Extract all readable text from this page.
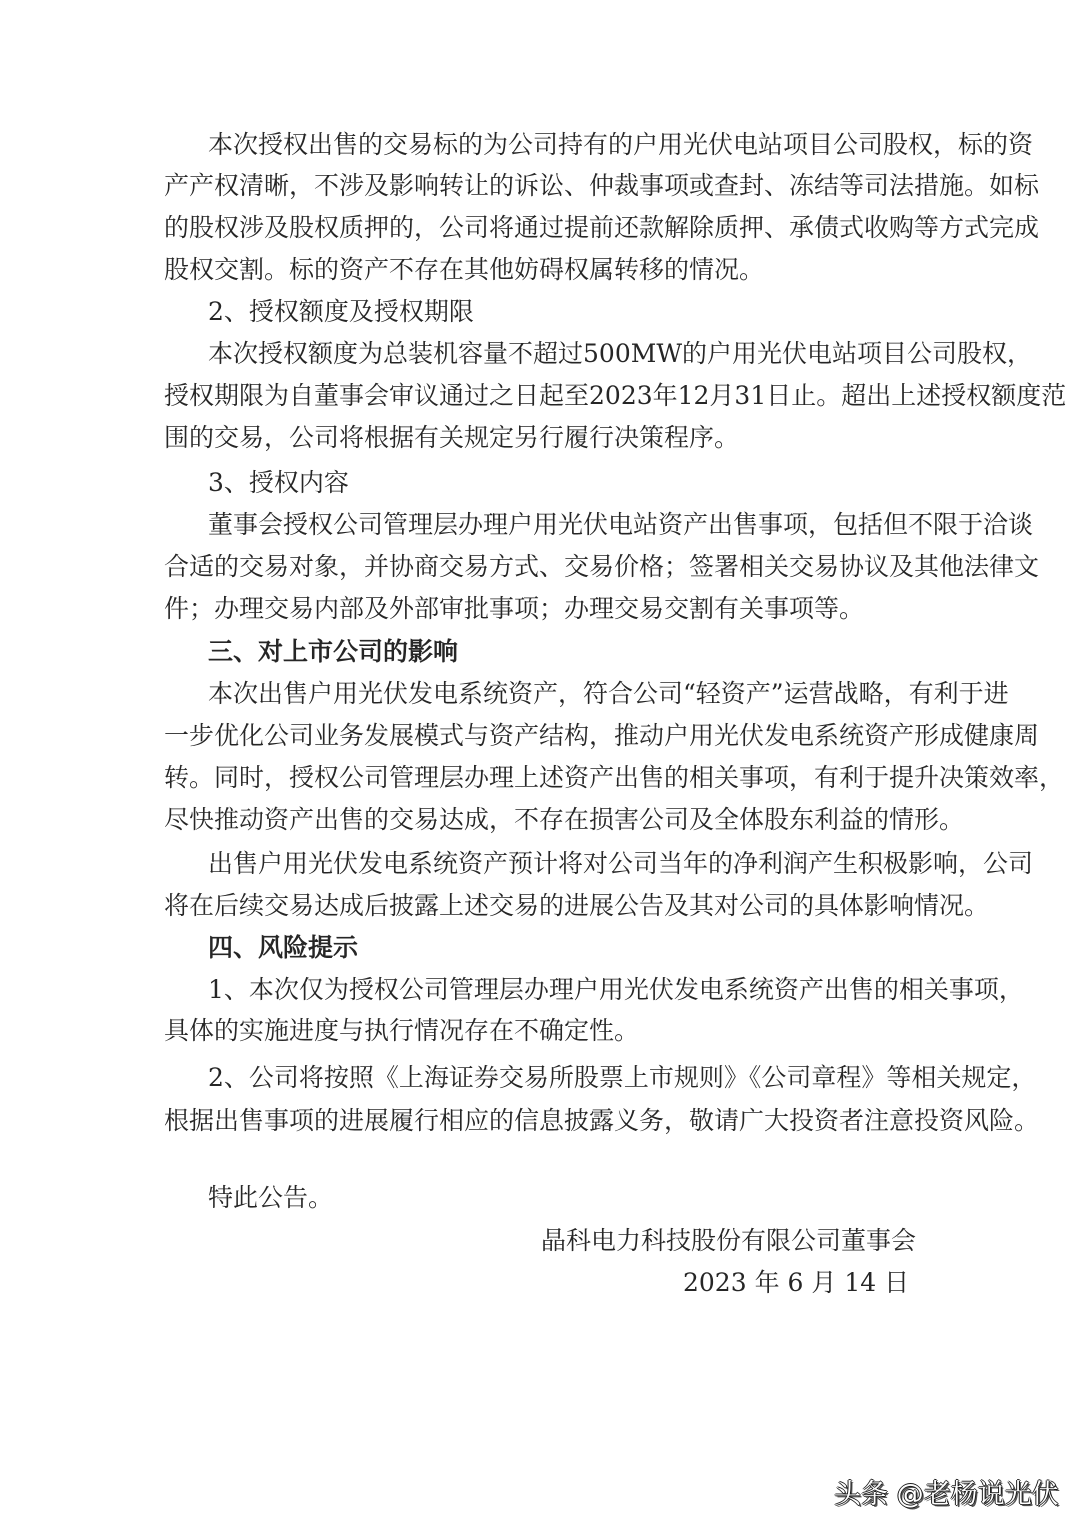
本次授权出售的交易标的为公司持有的户用光伏电站项目公司股权，标的资
产产权清晰，不涉及影响转让的诉讼、仲裁事项或查封、冻结等司法措施。如标
的股权涉及股权质押的，公司将通过提前还款解除质押、承债式收购等方式完成
股权交割。标的资产不存在其他妨碍权属转移的情况。
2、授权额度及授权期限
本次授权额度为总装机容量不超过500MW的户用光伏电站项目公司股权，
授权期限为自董事会审议通过之日起至2023年12月31日止。超出上述授权额度范
围的交易，公司将根据有关规定另行履行决策程序。
3、授权内容
董事会授权公司管理层办理户用光伏电站资产出售事项，包括但不限于洽谈
合适的交易对象，并协商交易方式、交易价格；签署相关交易协议及其他法律文
件；办理交易内部及外部审批事项；办理交易交割有关事项等。
三、对上市公司的影响
本次出售户用光伏发电系统资产，符合公司“轻资产”运营战略，有利于进
一步优化公司业务发展模式与资产结构，推动户用光伏发电系统资产形成健康周
转。同时，授权公司管理层办理上述资产出售的相关事项，有利于提升决策效率，
尽快推动资产出售的交易达成，不存在损害公司及全体股东利益的情形。
出售户用光伏发电系统资产预计将对公司当年的净利润产生积极影响，公司
将在后续交易达成后披露上述交易的进展公告及其对公司的具体影响情况。
四、风险提示
1、本次仅为授权公司管理层办理户用光伏发电系统资产出售的相关事项，
具体的实施进度与执行情况存在不确定性。
2、公司将按照《上海证券交易所股票上市规则》《公司章程》等相关规定，
根据出售事项的进展履行相应的信息披露义务，敬请广大投资者注意投资风险。
特此公告。
晶科电力科技股份有限公司董事会
2023 年 6 月 14 日
头条 @老杨说光伏
